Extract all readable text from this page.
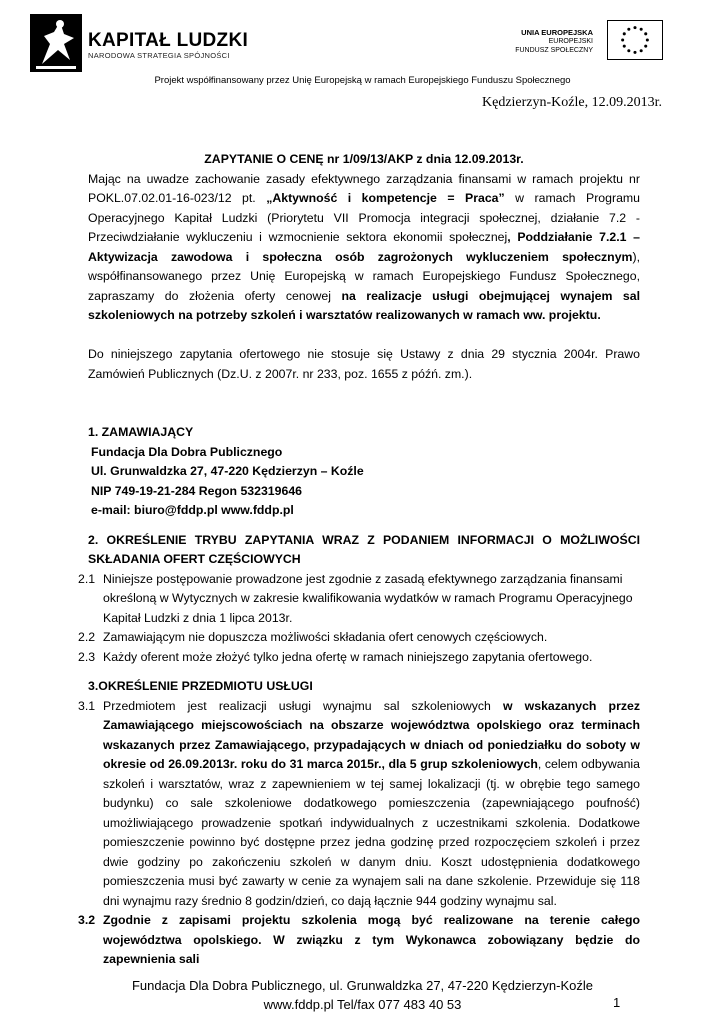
KAPITAŁ LUDZKI
NARODOWA STRATEGIA SPÓJNOŚCI
UNIA EUROPEJSKA
EUROPEJSKI
FUNDUSZ SPOŁECZNY
Projekt współfinansowany przez Unię Europejską w ramach Europejskiego Funduszu Społecznego
Kędzierzyn-Koźle, 12.09.2013r.

ZAPYTANIE O CENĘ nr 1/09/13/AKP z dnia 12.09.2013r.

Mając na uwadze zachowanie zasady efektywnego zarządzania finansami w ramach projektu nr POKL.07.02.01-16-023/12 pt. „Aktywność i kompetencje = Praca” w ramach Programu Operacyjnego Kapitał Ludzki (Priorytetu VII Promocja integracji społecznej, działanie 7.2 - Przeciwdziałanie wykluczeniu i wzmocnienie sektora ekonomii społecznej, Poddziałanie 7.2.1 – Aktywizacja zawodowa i społeczna osób zagrożonych wykluczeniem społecznym), współfinansowanego przez Unię Europejską w ramach Europejskiego Fundusz Społecznego, zapraszamy do złożenia oferty cenowej na realizacje usługi obejmującej wynajem sal szkoleniowych na potrzeby szkoleń i warsztatów realizowanych w ramach ww. projektu.

Do niniejszego zapytania ofertowego nie stosuje się Ustawy z dnia 29 stycznia 2004r. Prawo Zamówień Publicznych (Dz.U. z 2007r. nr 233, poz. 1655 z późń. zm.).

1. ZAMAWIAJĄCY

Fundacja Dla Dobra Publicznego

Ul. Grunwaldzka 27, 47-220 Kędzierzyn – Koźle

NIP 749-19-21-284 Regon 532319646

e-mail: biuro@fddp.pl www.fddp.pl

2. OKREŚLENIE TRYBU ZAPYTANIA WRAZ Z PODANIEM INFORMACJI O MOŻLIWOŚCI SKŁADANIA OFERT CZĘŚCIOWYCH

2.1 Niniejsze postępowanie prowadzone jest zgodnie z zasadą efektywnego zarządzania finansami określoną w Wytycznych w zakresie kwalifikowania wydatków w ramach Programu Operacyjnego Kapitał Ludzki z dnia 1 lipca 2013r.
2.2 Zamawiającym nie dopuszcza możliwości składania ofert cenowych częściowych.
2.3 Każdy oferent może złożyć tylko jedna ofertę w ramach niniejszego zapytania ofertowego.

3.OKREŚLENIE PRZEDMIOTU USŁUGI

3.1 Przedmiotem jest realizacji usługi wynajmu sal szkoleniowych w wskazanych przez Zamawiającego miejscowościach na obszarze województwa opolskiego oraz terminach wskazanych przez Zamawiającego, przypadających w dniach od poniedziałku do soboty w okresie od 26.09.2013r. roku do 31 marca 2015r., dla 5 grup szkoleniowych, celem odbywania szkoleń i warsztatów, wraz z zapewnieniem w tej samej lokalizacji (tj. w obrębie tego samego budynku) co sale szkoleniowe dodatkowego pomieszczenia (zapewniającego poufność) umożliwiającego prowadzenie spotkań indywidualnych z uczestnikami szkolenia. Dodatkowe pomieszczenie powinno być dostępne przez jedna godzinę przed rozpoczęciem szkoleń i przez dwie godziny po zakończeniu szkoleń w danym dniu. Koszt udostępnienia dodatkowego pomieszczenia musi być zawarty w cenie za wynajem sali na dane szkolenie. Przewiduje się 118 dni wynajmu razy średnio 8 godzin/dzień, co dają łącznie 944 godziny wynajmu sal.
3.2 Zgodnie z zapisami projektu szkolenia mogą być realizowane na terenie całego województwa opolskiego. W związku z tym Wykonawca zobowiązany będzie do zapewnienia sali
Fundacja Dla Dobra Publicznego, ul. Grunwaldzka 27, 47-220 Kędzierzyn-Koźle
www.fddp.pl Tel/fax 077 483 40 53	1
